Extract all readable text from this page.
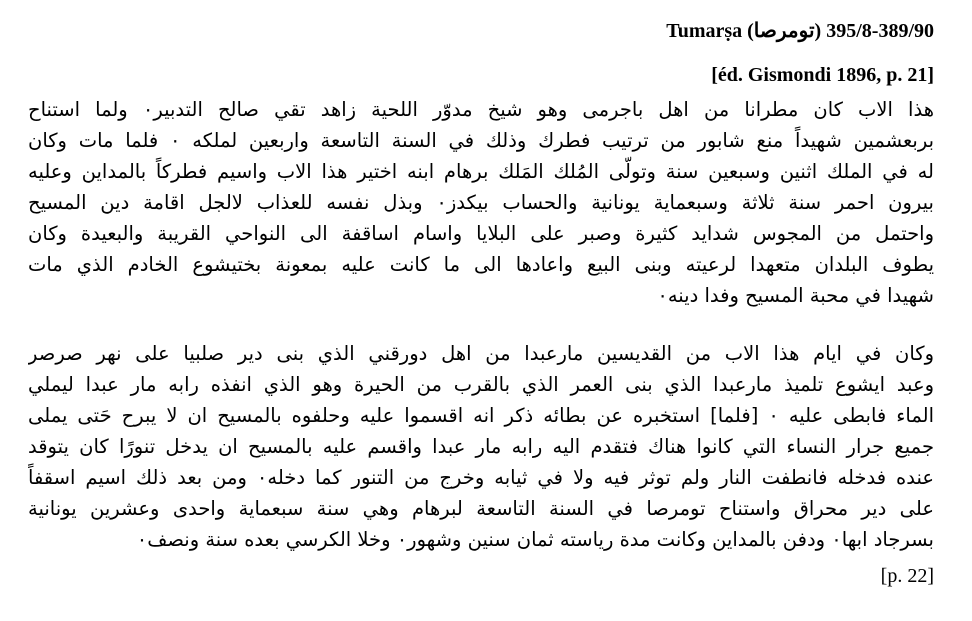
Tumarṣa (تومرصا) 389/90-395/8
[éd. Gismondi 1896, p. 21]
هذا الاب كان مطرانا من اهل باجرمى وهو شيخ مدوّر اللحية زاهد تقي صالح التدبير٠ ولما استناح
بربعشمين شهيداً منع شابور من ترتيب فطرك وذلك في السنة التاسعة واربعين لملكه ٠ فلما مات وكان
له في الملك اثنين وسبعين سنة وتولّى المُلك المَلك برهام ابنه اختير هذا الاب واسيم فطركاً بالمداين وعليه
بيرون احمر سنة ثلاثة وسبعماية يونانية والحساب بيكدز٠ وبذل نفسه للعذاب لالجل اقامة دين المسيح
واحتمل من المجوس شدايد كثيرة وصبر على البلايا واسام اساقفة الى النواحي القريبة والبعيدة وكان
يطوف البلدان متعهدا لرعيته وبنى البيع واعادها الى ما كانت عليه بمعونة بختيشوع الخادم الذي مات
شهيدا في محبة المسيح وفدا دينه٠
وكان في ايام هذا الاب من القديسين مارعبدا من اهل دورقني الذي بنى دير صلبيا على نهر صرصر
وعبد ايشوع تلميذ مارعبدا الذي بنى العمر الذي بالقرب من الحيرة وهو الذي انفذه رابه مار عبدا ليملي
الماء فابطى عليه ٠ [فلما] استخبره عن بطائه ذكر انه اقسموا عليه وحلفوه بالمسيح ان لا يبرح حَتى يملى
جميع جرار النساء التي كانوا هناك فتقدم اليه رابه مار عبدا واقسم عليه بالمسيح ان يدخل تنورًا كان يتوقد
عنده فدخله فانطفت النار ولم توثر فيه ولا في ثيابه وخرج من التنور كما دخله٠ ومن بعد ذلك اسيم اسقفاً
على دير محراق واستناح تومرصا في السنة التاسعة لبرهام وهي سنة سبعماية واحدى وعشرين يونانية
بسرجاد ابها٠ ودفن بالمداين وكانت مدة رياسته ثمان سنين وشهور٠ وخلا الكرسي بعده سنة ونصف٠
[p. 22]
